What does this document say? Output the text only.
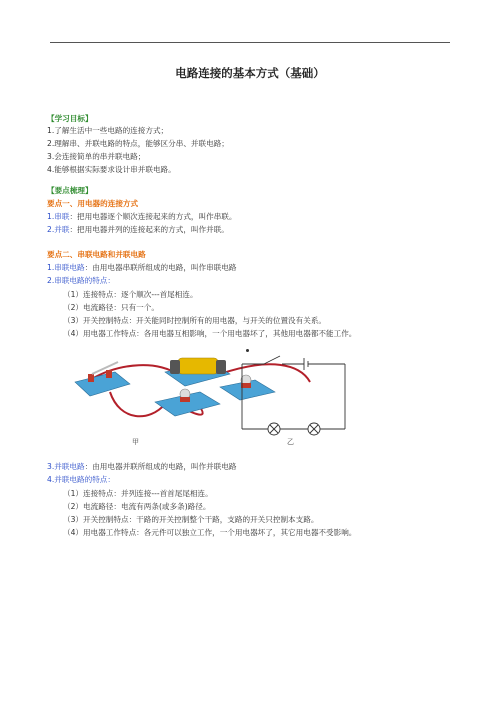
电路连接的基本方式（基础）
【学习目标】
1.了解生活中一些电路的连接方式；
2.理解串、并联电路的特点，能够区分串、并联电路；
3.会连接简单的串并联电路；
4.能够根据实际要求设计串并联电路。
【要点梳理】
要点一、用电器的连接方式
1.串联：把用电器逐个顺次连接起来的方式，叫作串联。
2.并联：把用电器并列的连接起来的方式，叫作并联。
要点二、串联电路和并联电路
1.串联电路：由用电器串联所组成的电路，叫作串联电路
2.串联电路的特点：
（1）连接特点：逐个顺次---首尾相连。
（2）电流路径：只有一个。
（3）开关控制特点：开关能同时控制所有的用电器，与开关的位置没有关系。
（4）用电器工作特点：各用电器互相影响，一个用电器坏了，其他用电器都不能工作。
甲	乙
3.并联电路：由用电器并联所组成的电路，叫作并联电路
4.并联电路的特点：
（1）连接特点：并列连接---首首尾尾相连。
（2）电流路径：电流有两条(或多条)路径。
（3）开关控制特点：干路的开关控制整个干路，支路的开关只控制本支路。
（4）用电器工作特点：各元件可以独立工作，一个用电器坏了，其它用电器不受影响。
